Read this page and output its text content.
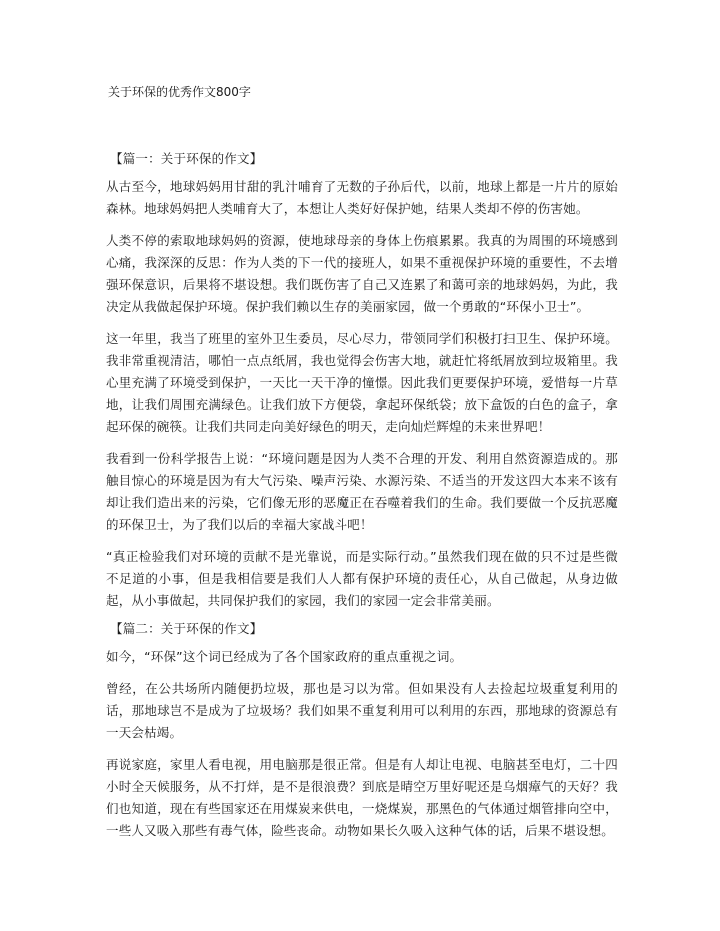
关于环保的优秀作文800字
【篇一：关于环保的作文】

从古至今，地球妈妈用甘甜的乳汁哺育了无数的子孙后代，以前，地球上都是一片片的原始森林。地球妈妈把人类哺育大了，本想让人类好好保护她，结果人类却不停的伤害她。

人类不停的索取地球妈妈的资源，使地球母亲的身体上伤痕累累。我真的为周围的环境感到心痛，我深深的反思：作为人类的下一代的接班人，如果不重视保护环境的重要性，不去增强环保意识，后果将不堪设想。我们既伤害了自己又连累了和蔼可亲的地球妈妈，为此，我决定从我做起保护环境。保护我们赖以生存的美丽家园，做一个勇敢的“环保小卫士”。

这一年里，我当了班里的室外卫生委员，尽心尽力，带领同学们积极打扫卫生、保护环境。我非常重视清洁，哪怕一点点纸屑，我也觉得会伤害大地，就赶忙将纸屑放到垃圾箱里。我心里充满了环境受到保护，一天比一天干净的憧憬。因此我们更要保护环境，爱惜每一片草地，让我们周围充满绿色。让我们放下方便袋，拿起环保纸袋；放下盒饭的白色的盒子，拿起环保的碗筷。让我们共同走向美好绿色的明天，走向灿烂辉煌的未来世界吧！

我看到一份科学报告上说：“环境问题是因为人类不合理的开发、利用自然资源造成的。那触目惊心的环境是因为有大气污染、噪声污染、水源污染、不适当的开发这四大本来不该有却让我们造出来的污染，它们像无形的恶魔正在吞噬着我们的生命。我们要做一个反抗恶魔的环保卫士，为了我们以后的幸福大家战斗吧！

“真正检验我们对环境的贡献不是光靠说，而是实际行动。”虽然我们现在做的只不过是些微不足道的小事，但是我相信要是我们人人都有保护环境的责任心，从自己做起，从身边做起，从小事做起，共同保护我们的家园，我们的家园一定会非常美丽。

【篇二：关于环保的作文】

如今，“环保”这个词已经成为了各个国家政府的重点重视之词。

曾经，在公共场所内随便扔垃圾，那也是习以为常。但如果没有人去捡起垃圾重复利用的话，那地球岂不是成为了垃圾场？我们如果不重复利用可以利用的东西，那地球的资源总有一天会枯竭。

再说家庭，家里人看电视，用电脑那是很正常。但是有人却让电视、电脑甚至电灯，二十四小时全天候服务，从不打烊，是不是很浪费？到底是晴空万里好呢还是乌烟瘴气的天好？我们也知道，现在有些国家还在用煤炭来供电，一烧煤炭，那黑色的气体通过烟管排向空中，一些人又吸入那些有毒气体，险些丧命。动物如果长久吸入这种气体的话，后果不堪设想。
